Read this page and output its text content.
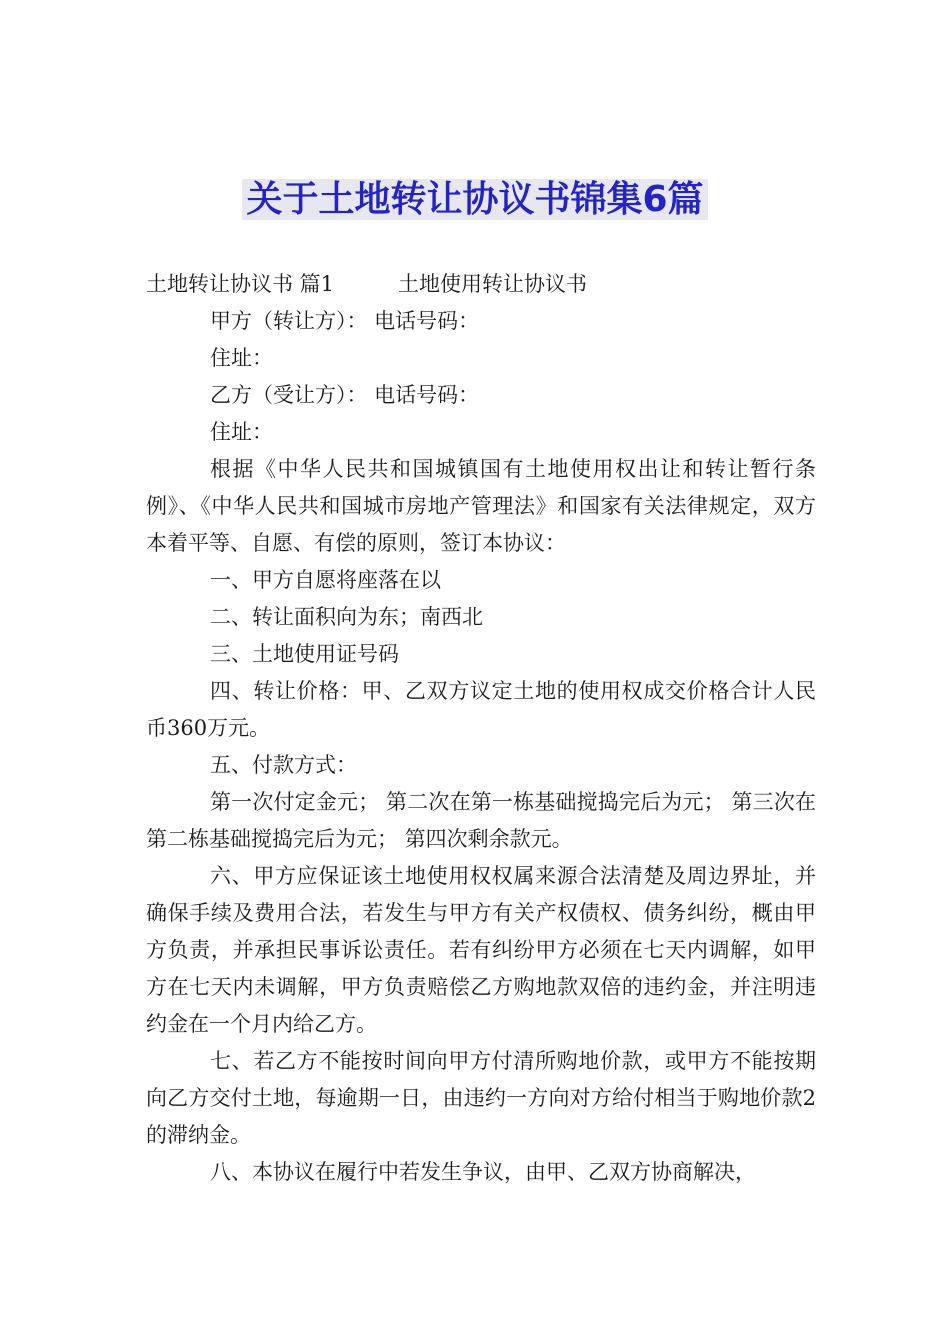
关于土地转让协议书锦集6篇
土地转让协议书 篇1	土地使用转让协议书
甲方（转让方）： 电话号码：
住址：
乙方（受让方）： 电话号码：
住址：
根据《中华人民共和国城镇国有土地使用权出让和转让暂行条例》、《中华人民共和国城市房地产管理法》和国家有关法律规定，双方本着平等、自愿、有偿的原则，签订本协议：
一、甲方自愿将座落在以
二、转让面积向为东；南西北
三、土地使用证号码
四、转让价格：甲、乙双方议定土地的使用权成交价格合计人民币360万元。
五、付款方式：
第一次付定金元； 第二次在第一栋基础搅捣完后为元； 第三次在第二栋基础搅捣完后为元； 第四次剩余款元。
六、甲方应保证该土地使用权权属来源合法清楚及周边界址，并确保手续及费用合法，若发生与甲方有关产权债权、债务纠纷，概由甲方负责，并承担民事诉讼责任。若有纠纷甲方必须在七天内调解，如甲方在七天内未调解，甲方负责赔偿乙方购地款双倍的违约金，并注明违约金在一个月内给乙方。
七、若乙方不能按时间向甲方付清所购地价款，或甲方不能按期向乙方交付土地，每逾期一日，由违约一方向对方给付相当于购地价款2的滞纳金。
八、本协议在履行中若发生争议，由甲、乙双方协商解决，
